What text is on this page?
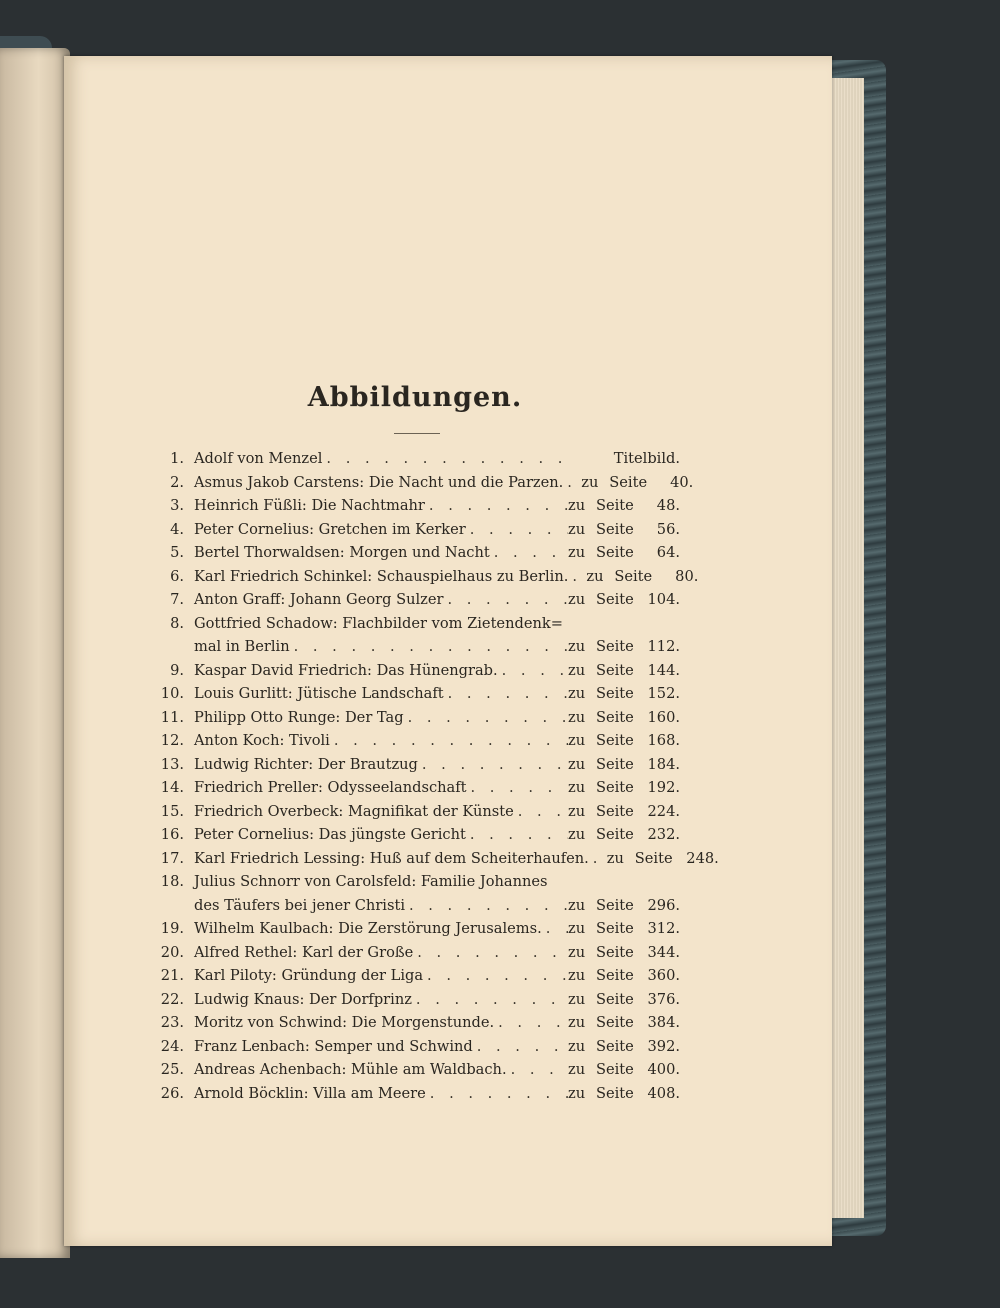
Abbildungen.
1. Adolf von Menzel . . .	Titelbild.
2. Asmus Jakob Carstens: Die Nacht und die Parzen. . . . zu Seite	40.
3. Heinrich Füßli: Die Nachtmahr . . .	zu Seite	48.
4. Peter Cornelius: Gretchen im Kerker . . .	zu Seite	56.
5. Bertel Thorwaldsen: Morgen und Nacht . . .	zu Seite	64.
6. Karl Friedrich Schinkel: Schauspielhaus zu Berlin. . . . zu Seite	80.
7. Anton Graff: Johann Georg Sulzer . . .	zu Seite 104.
8. Gottfried Schadow: Flachbilder vom Zietendenk=
mal in Berlin . . .	zu Seite 112.
9. Kaspar David Friedrich: Das Hünengrab. . . .	zu Seite 144.
10. Louis Gurlitt: Jütische Landschaft . . .	zu Seite 152.
11. Philipp Otto Runge: Der Tag . . .	zu Seite 160.
12. Anton Koch: Tivoli . . .	zu Seite 168.
13. Ludwig Richter: Der Brautzug . . .	zu Seite 184.
14. Friedrich Preller: Odysseelandschaft . . .	zu Seite 192.
15. Friedrich Overbeck: Magnifikat der Künste . . .	zu Seite 224.
16. Peter Cornelius: Das jüngste Gericht . . .	zu Seite 232.
17. Karl Friedrich Lessing: Huß auf dem Scheiterhaufen. . . . zu Seite 248.
18. Julius Schnorr von Carolsfeld: Familie Johannes
des Täufers bei jener Christi . . .	zu Seite 296.
19. Wilhelm Kaulbach: Die Zerstörung Jerusalems. . . . zu Seite 312.
20. Alfred Rethel: Karl der Große . . .	zu Seite 344.
21. Karl Piloty: Gründung der Liga . . .	zu Seite 360.
22. Ludwig Knaus: Der Dorfprinz . . .	zu Seite 376.
23. Moritz von Schwind: Die Morgenstunde. . . .	zu Seite 384.
24. Franz Lenbach: Semper und Schwind . . .	zu Seite 392.
25. Andreas Achenbach: Mühle am Waldbach. . . .	zu Seite 400.
26. Arnold Böcklin: Villa am Meere . . .	zu Seite 408.
